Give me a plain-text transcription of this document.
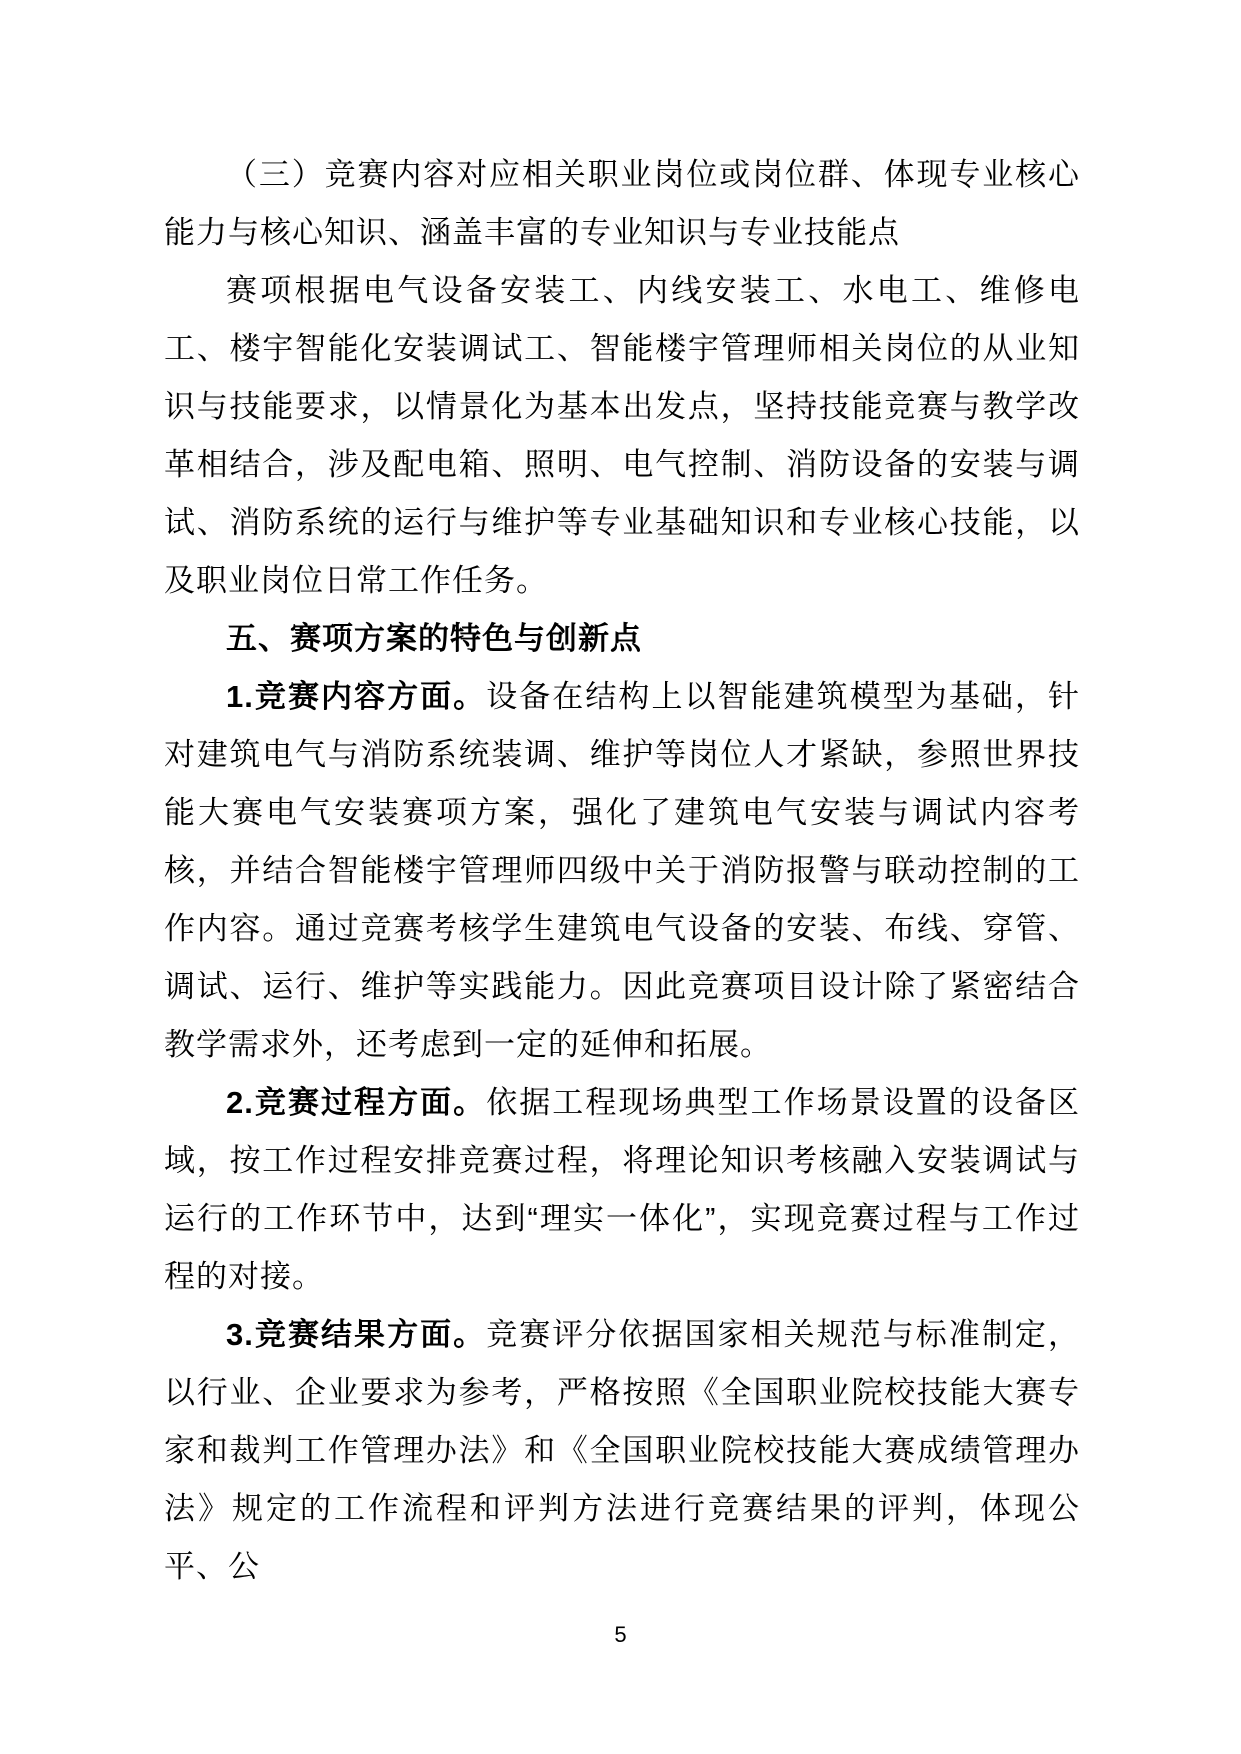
（三）竞赛内容对应相关职业岗位或岗位群、体现专业核心能力与核心知识、涵盖丰富的专业知识与专业技能点

赛项根据电气设备安装工、内线安装工、水电工、维修电工、楼宇智能化安装调试工、智能楼宇管理师相关岗位的从业知识与技能要求，以情景化为基本出发点，坚持技能竞赛与教学改革相结合，涉及配电箱、照明、电气控制、消防设备的安装与调试、消防系统的运行与维护等专业基础知识和专业核心技能，以及职业岗位日常工作任务。

五、赛项方案的特色与创新点

1.竞赛内容方面。设备在结构上以智能建筑模型为基础，针对建筑电气与消防系统装调、维护等岗位人才紧缺，参照世界技能大赛电气安装赛项方案，强化了建筑电气安装与调试内容考核，并结合智能楼宇管理师四级中关于消防报警与联动控制的工作内容。通过竞赛考核学生建筑电气设备的安装、布线、穿管、调试、运行、维护等实践能力。因此竞赛项目设计除了紧密结合教学需求外，还考虑到一定的延伸和拓展。

2.竞赛过程方面。依据工程现场典型工作场景设置的设备区域，按工作过程安排竞赛过程，将理论知识考核融入安装调试与运行的工作环节中，达到“理实一体化”，实现竞赛过程与工作过程的对接。

3.竞赛结果方面。竞赛评分依据国家相关规范与标准制定，以行业、企业要求为参考，严格按照《全国职业院校技能大赛专家和裁判工作管理办法》和《全国职业院校技能大赛成绩管理办法》规定的工作流程和评判方法进行竞赛结果的评判，体现公平、公

5
